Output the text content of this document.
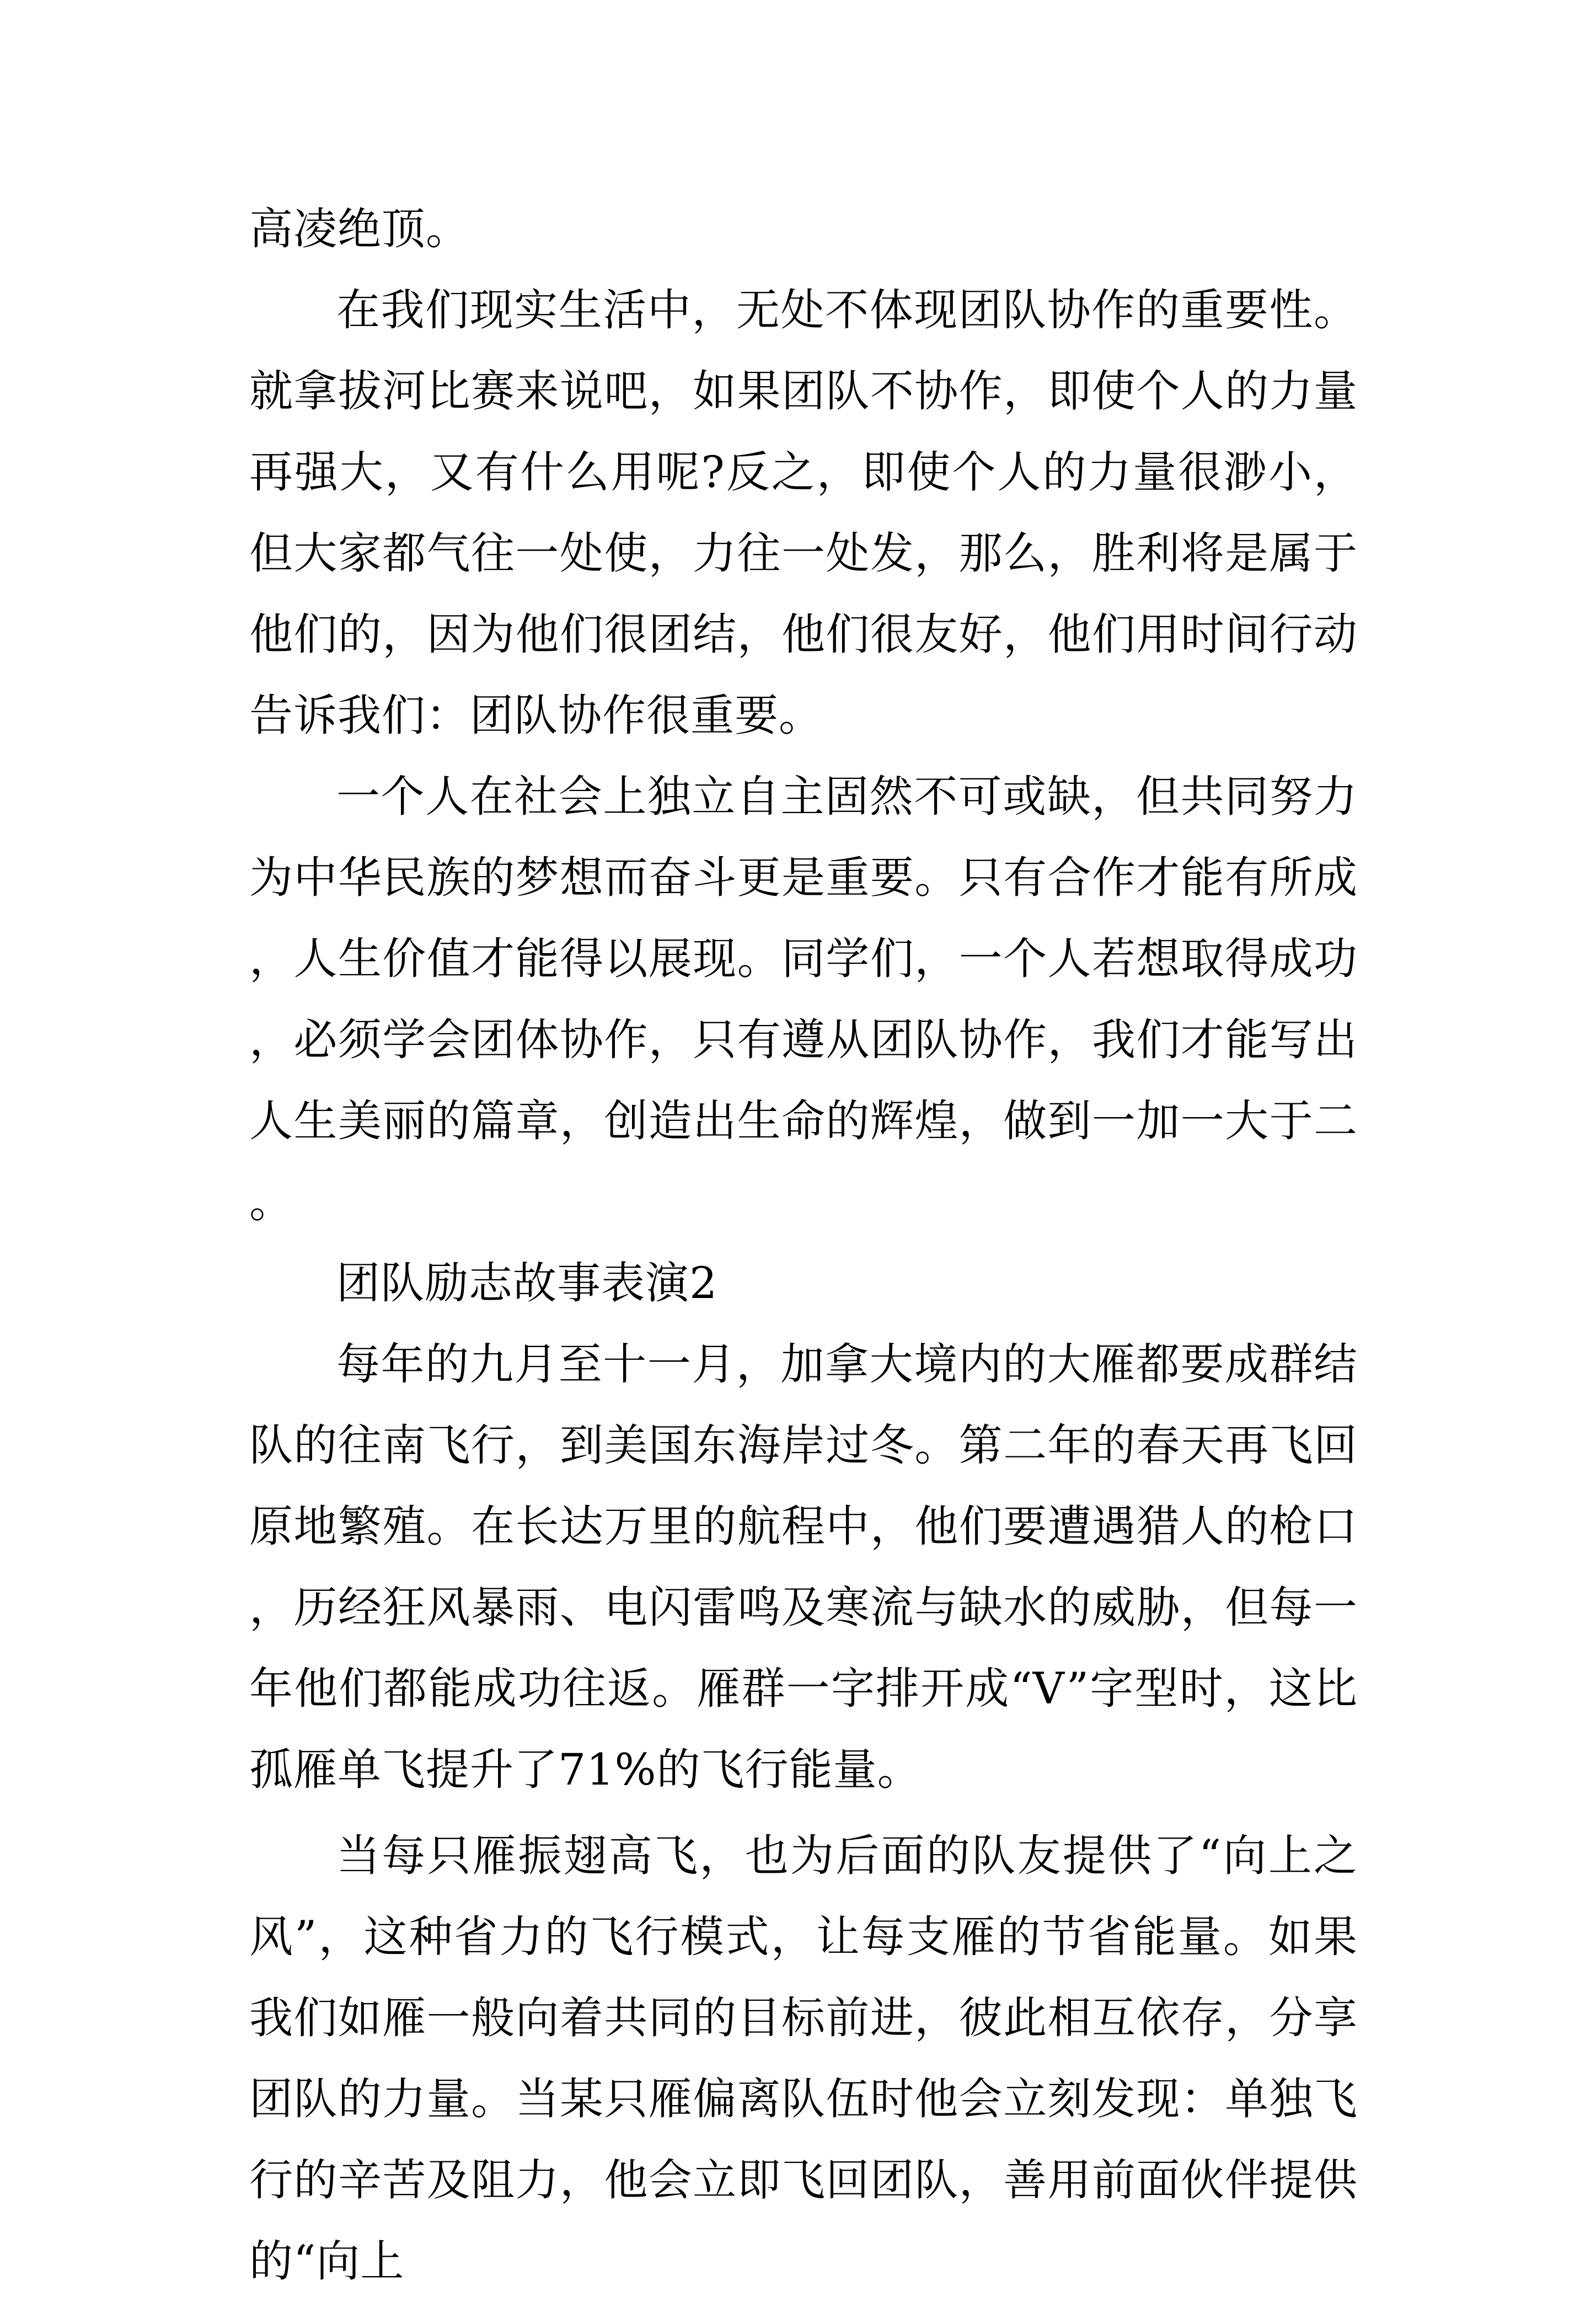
高凌绝顶。

在我们现实生活中，无处不体现团队协作的重要性。就拿拔河比赛来说吧，如果团队不协作，即使个人的力量再强大，又有什么用呢?反之，即使个人的力量很渺小，但大家都气往一处使，力往一处发，那么，胜利将是属于他们的，因为他们很团结，他们很友好，他们用时间行动告诉我们：团队协作很重要。

一个人在社会上独立自主固然不可或缺，但共同努力为中华民族的梦想而奋斗更是重要。只有合作才能有所成，人生价值才能得以展现。同学们，一个人若想取得成功，必须学会团体协作，只有遵从团队协作，我们才能写出人生美丽的篇章，创造出生命的辉煌，做到一加一大于二。

团队励志故事表演2

每年的九月至十一月，加拿大境内的大雁都要成群结队的往南飞行，到美国东海岸过冬。第二年的春天再飞回原地繁殖。在长达万里的航程中，他们要遭遇猎人的枪口，历经狂风暴雨、电闪雷鸣及寒流与缺水的威胁，但每一年他们都能成功往返。雁群一字排开成“V”字型时，这比孤雁单飞提升了71%的飞行能量。

当每只雁振翅高飞，也为后面的队友提供了“向上之风”，这种省力的飞行模式，让每支雁的节省能量。如果我们如雁一般向着共同的目标前进，彼此相互依存，分享团队的力量。当某只雁偏离队伍时他会立刻发现：单独飞行的辛苦及阻力，他会立即飞回团队，善用前面伙伴提供的“向上
